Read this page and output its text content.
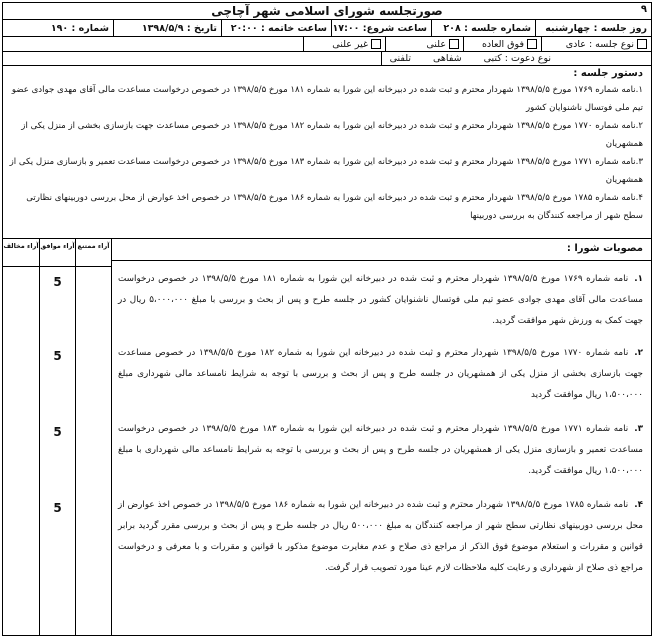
صورتجلسه شورای اسلامی شهر آچاچی	۹
روز جلسه : چهارشنبه
شماره جلسه : ۲۰۸
ساعت شروع: ۱۷:۰۰
ساعت خاتمه : ۲۰:۰۰
تاریخ : ۱۳۹۸/۵/۹
شماره : ۱۹۰
نوع جلسه : عادی
فوق العاده
علنی
غیر علنی
نوع دعوت : کتبی
شفاهی
تلفنی
دستور جلسه :

۱.نامه شماره ۱۷۶۹ مورخ ۱۳۹۸/۵/۵ شهردار محترم و ثبت شده در دبیرخانه این شورا به شماره ۱۸۱ مورخ ۱۳۹۸/۵/۵ در خصوص درخواست مساعدت مالی آقای مهدی جوادی عضو تیم ملی فوتسال ناشنوایان کشور

۲.نامه شماره ۱۷۷۰ مورخ ۱۳۹۸/۵/۵ شهردار محترم و ثبت شده در دبیرخانه این شورا به شماره ۱۸۲ مورخ ۱۳۹۸/۵/۵ در خصوص مساعدت جهت بازسازی بخشی از منزل یکی از همشهریان

۳.نامه شماره ۱۷۷۱ مورخ ۱۳۹۸/۵/۵ شهردار محترم و ثبت شده در دبیرخانه این شورا به شماره ۱۸۳ مورخ ۱۳۹۸/۵/۵ در خصوص درخواست مساعدت تعمیر و بازسازی منزل یکی از همشهریان

۴.نامه شماره ۱۷۸۵ مورخ ۱۳۹۸/۵/۵ شهردار محترم و ثبت شده در دبیرخانه این شورا به شماره ۱۸۶ مورخ ۱۳۹۸/۵/۵ در خصوص اخذ عوارض از محل بررسی دوربینهای نظارتی سطح شهر از مراجعه کنندگان به بررسی دوربینها

مصوبات شورا :
۱.نامه شماره ۱۷۶۹ مورخ ۱۳۹۸/۵/۵ شهردار محترم و ثبت شده در دبیرخانه این شورا به شماره ۱۸۱ مورخ ۱۳۹۸/۵/۵ در خصوص درخواست مساعدت مالی آقای مهدی جوادی عضو تیم ملی فوتسال ناشنوایان کشور در جلسه طرح و پس از بحث و بررسی با مبلغ ۵،۰۰۰،۰۰۰ ریال در جهت کمک به ورزش شهر موافقت گردید.
۲.نامه شماره ۱۷۷۰ مورخ ۱۳۹۸/۵/۵ شهردار محترم و ثبت شده در دبیرخانه این شورا به شماره ۱۸۲ مورخ ۱۳۹۸/۵/۵ در خصوص مساعدت جهت بازسازی بخشی از منزل یکی از همشهریان در جلسه طرح و پس از بحث و بررسی با توجه به شرایط نامساعد مالی شهرداری مبلغ ۱،۵۰۰،۰۰۰ ریال موافقت گردید
۳.نامه شماره ۱۷۷۱ مورخ ۱۳۹۸/۵/۵ شهردار محترم و ثبت شده در دبیرخانه این شورا به شماره ۱۸۳ مورخ ۱۳۹۸/۵/۵ در خصوص درخواست مساعدت تعمیر و بازسازی منزل یکی از همشهریان در جلسه طرح و پس از بحث و بررسی با توجه به شرایط نامساعد مالی شهرداری با مبلغ ۱،۵۰۰،۰۰۰ ریال موافقت گردید.
۴.نامه شماره ۱۷۸۵ مورخ ۱۳۹۸/۵/۵ شهردار محترم و ثبت شده در دبیرخانه این شورا به شماره ۱۸۶ مورخ ۱۳۹۸/۵/۵ در خصوص اخذ عوارض از محل بررسی دوربینهای نظارتی سطح شهر از مراجعه کنندگان به مبلغ ۵۰۰،۰۰۰ ریال در جلسه طرح و پس از بحث و بررسی مقرر گردید برابر قوانین و مقررات و استعلام موضوع فوق الذکر از مراجع ذی صلاح و عدم مغایرت موضوع مذکور با قوانین و مقررات و با معرفی و درخواست مراجع ذی صلاح از شهرداری و رعایت کلیه ملاحظات لازم عینا مورد تصویب قرار گرفت.
آراء ممتنع
آراء موافق
5
5
5
5
آراء مخالف
